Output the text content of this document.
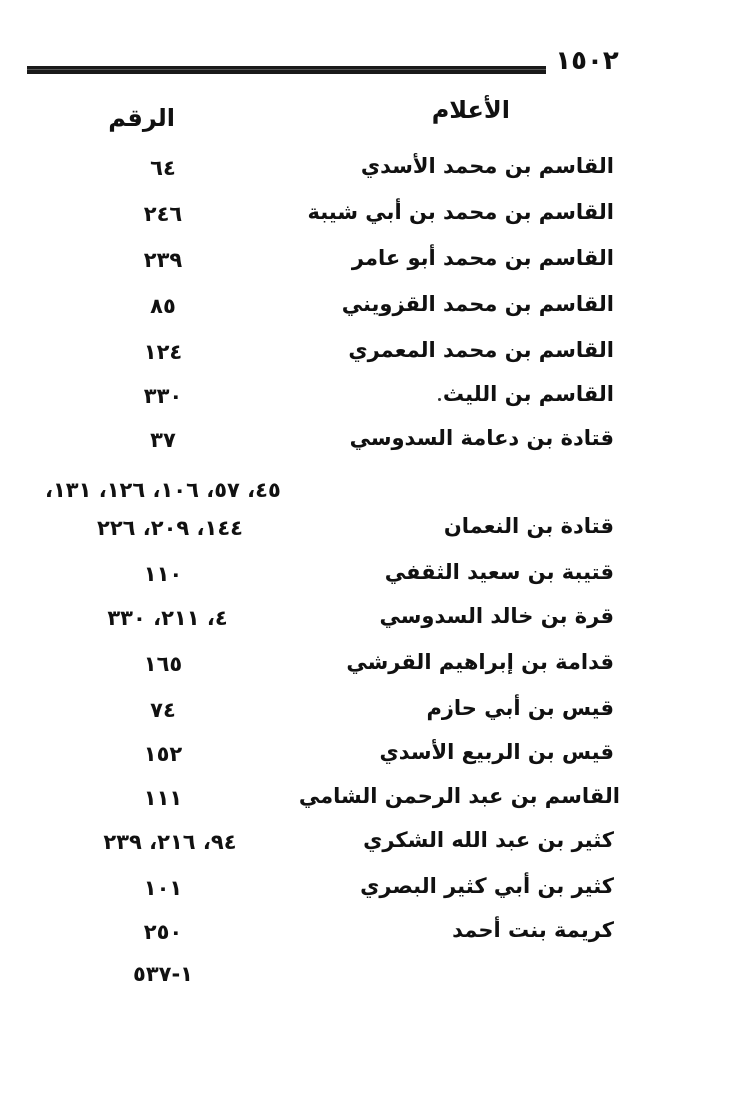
١٥٠٢
الأعلام
الرقم
القاسم بن محمد الأسدي
٦٤
القاسم بن محمد بن أبي شيبة
٢٤٦
القاسم بن محمد أبو عامر
٢٣٩
القاسم بن محمد القزويني
٨٥
القاسم بن محمد المعمري
١٢٤
القاسم بن الليث
٣٣٠
قتادة بن دعامة السدوسي
٣٧
٤٥، ٥٧، ١٠٦، ١٢٦، ١٣١،
قتادة بن النعمان
١٤٤، ٢٠٩، ٢٢٦
قتيبة بن سعيد الثقفي
١١٠
قرة بن خالد السدوسي
٤، ٢١١، ٣٣٠
قدامة بن إبراهيم القرشي
١٦٥
قيس بن أبي حازم
٧٤
قيس بن الربيع الأسدي
١٥٢
القاسم بن عبد الرحمن الشامي
١١١
كثير بن عبد الله الشكري
٩٤، ٢١٦، ٢٣٩
كثير بن أبي كثير البصري
١٠١
كريمة بنت أحمد
٢٥٠
١-٥٣٧
